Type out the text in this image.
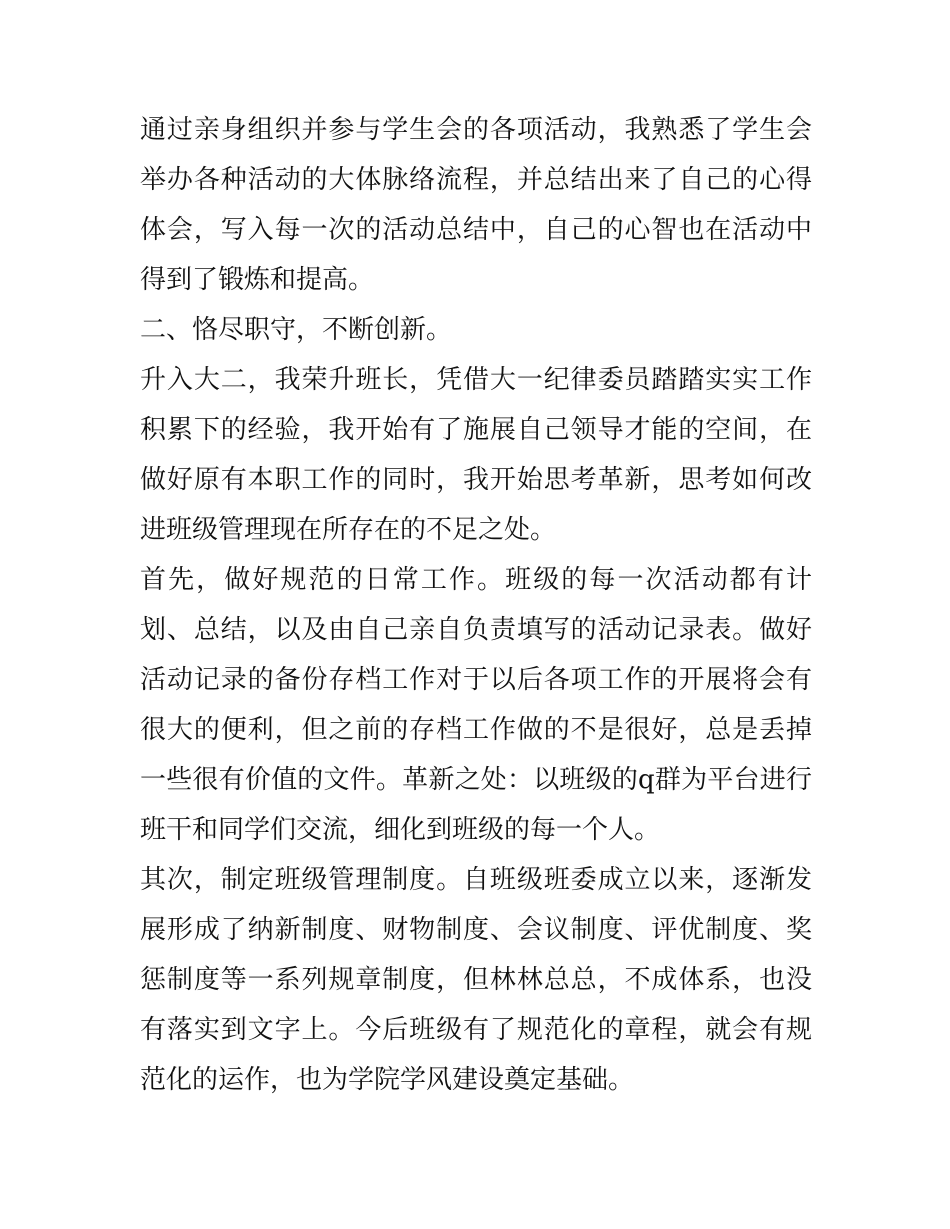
通过亲身组织并参与学生会的各项活动，我熟悉了学生会举办各种活动的大体脉络流程，并总结出来了自己的心得体会，写入每一次的活动总结中，自己的心智也在活动中得到了锻炼和提高。

二、恪尽职守，不断创新。

升入大二，我荣升班长，凭借大一纪律委员踏踏实实工作积累下的经验，我开始有了施展自己领导才能的空间，在做好原有本职工作的同时，我开始思考革新，思考如何改进班级管理现在所存在的不足之处。

首先，做好规范的日常工作。班级的每一次活动都有计划、总结，以及由自己亲自负责填写的活动记录表。做好活动记录的备份存档工作对于以后各项工作的开展将会有很大的便利，但之前的存档工作做的不是很好，总是丢掉一些很有价值的文件。革新之处：以班级的q群为平台进行班干和同学们交流，细化到班级的每一个人。

其次，制定班级管理制度。自班级班委成立以来，逐渐发展形成了纳新制度、财物制度、会议制度、评优制度、奖惩制度等一系列规章制度，但林林总总，不成体系，也没有落实到文字上。今后班级有了规范化的章程，就会有规范化的运作，也为学院学风建设奠定基础。
